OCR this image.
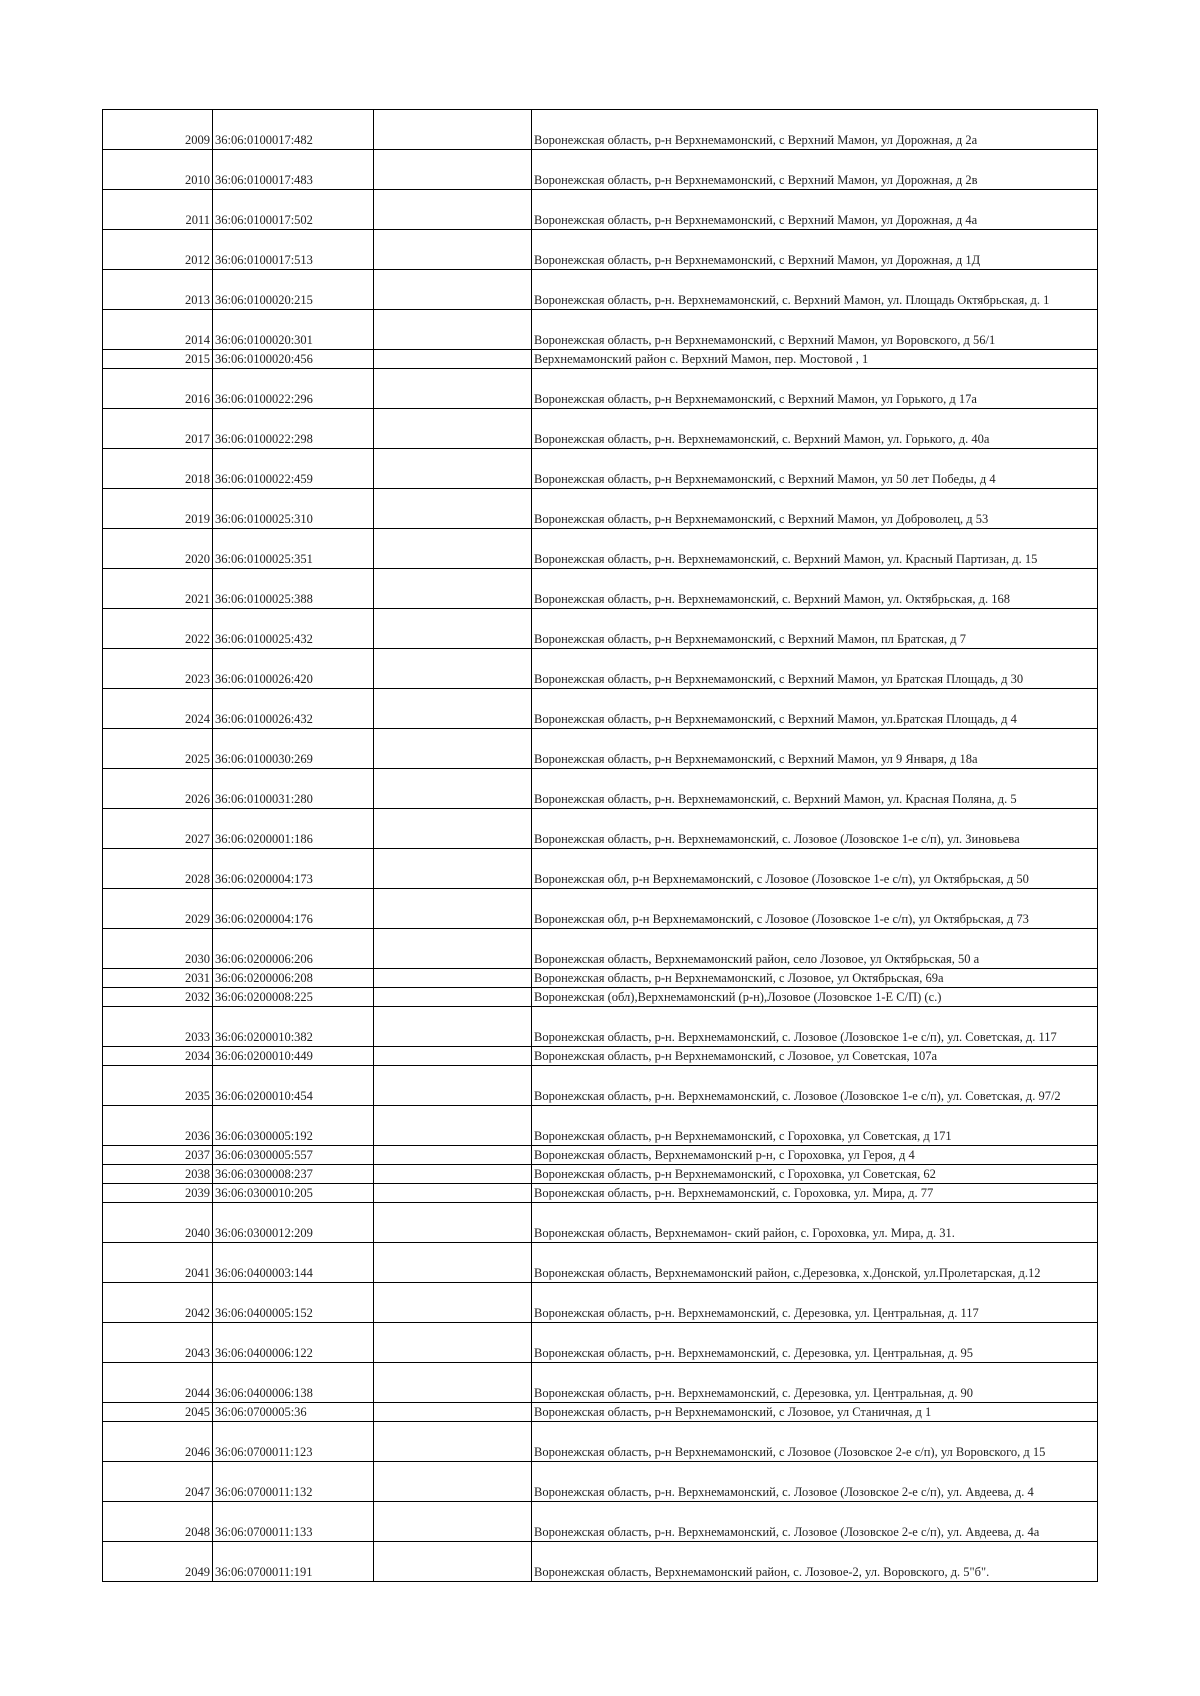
2009	36:06:0100017:482		Воронежская область, р-н Верхнемамонский, с Верхний Мамон, ул Дорожная, д 2а
2010	36:06:0100017:483		Воронежская область, р-н Верхнемамонский, с Верхний Мамон, ул Дорожная, д 2в
2011	36:06:0100017:502		Воронежская область, р-н Верхнемамонский, с Верхний Мамон, ул Дорожная, д 4а
2012	36:06:0100017:513		Воронежская область, р-н Верхнемамонский, с Верхний Мамон, ул Дорожная, д 1Д
2013	36:06:0100020:215		Воронежская область, р-н. Верхнемамонский, с. Верхний Мамон, ул. Площадь Октябрьская, д. 1
2014	36:06:0100020:301		Воронежская область, р-н Верхнемамонский, с Верхний Мамон, ул Воровского, д 56/1
2015	36:06:0100020:456		Верхнемамонский район с. Верхний Мамон, пер. Мостовой , 1
2016	36:06:0100022:296		Воронежская область, р-н Верхнемамонский, с Верхний Мамон, ул Горького, д 17а
2017	36:06:0100022:298		Воронежская область, р-н. Верхнемамонский, с. Верхний Мамон, ул. Горького, д. 40а
2018	36:06:0100022:459		Воронежская область, р-н Верхнемамонский, с Верхний Мамон, ул 50 лет Победы, д 4
2019	36:06:0100025:310		Воронежская область, р-н Верхнемамонский, с Верхний Мамон, ул Доброволец, д 53
2020	36:06:0100025:351		Воронежская область, р-н. Верхнемамонский, с. Верхний Мамон, ул. Красный Партизан, д. 15
2021	36:06:0100025:388		Воронежская область, р-н. Верхнемамонский, с. Верхний Мамон, ул. Октябрьская, д. 168
2022	36:06:0100025:432		Воронежская область, р-н Верхнемамонский, с Верхний Мамон, пл Братская, д 7
2023	36:06:0100026:420		Воронежская область, р-н Верхнемамонский, с Верхний Мамон, ул Братская Площадь, д 30
2024	36:06:0100026:432		Воронежская область, р-н Верхнемамонский, с Верхний Мамон, ул.Братская Площадь, д 4
2025	36:06:0100030:269		Воронежская область, р-н Верхнемамонский, с Верхний Мамон, ул 9 Января, д 18а
2026	36:06:0100031:280		Воронежская область, р-н. Верхнемамонский, с. Верхний Мамон, ул. Красная Поляна, д. 5
2027	36:06:0200001:186		Воронежская область, р-н. Верхнемамонский, с. Лозовое (Лозовское 1-е с/п), ул. Зиновьева
2028	36:06:0200004:173		Воронежская обл, р-н Верхнемамонский, с Лозовое (Лозовское 1-е с/п), ул Октябрьская, д 50
2029	36:06:0200004:176		Воронежская обл, р-н Верхнемамонский, с Лозовое (Лозовское 1-е с/п), ул Октябрьская, д 73
2030	36:06:0200006:206		Воронежская область, Верхнемамонский район, село Лозовое, ул Октябрьская, 50 а
2031	36:06:0200006:208		Воронежская область, р-н Верхнемамонский, с Лозовое, ул Октябрьская, 69а
2032	36:06:0200008:225		Воронежская (обл),Верхнемамонский (р-н),Лозовое (Лозовское 1-Е С/П) (с.)
2033	36:06:0200010:382		Воронежская область, р-н. Верхнемамонский, с. Лозовое (Лозовское 1-е с/п), ул. Советская, д. 117
2034	36:06:0200010:449		Воронежская область, р-н Верхнемамонский, с Лозовое, ул Советская, 107а
2035	36:06:0200010:454		Воронежская область, р-н. Верхнемамонский, с. Лозовое (Лозовское 1-е с/п), ул. Советская, д. 97/2
2036	36:06:0300005:192		Воронежская область, р-н Верхнемамонский, с Гороховка, ул Советская, д 171
2037	36:06:0300005:557		Воронежская область, Верхнемамонский р-н, с Гороховка, ул Героя, д 4
2038	36:06:0300008:237		Воронежская область, р-н Верхнемамонский, с Гороховка, ул Советская, 62
2039	36:06:0300010:205		Воронежская область, р-н. Верхнемамонский, с. Гороховка, ул. Мира, д. 77
2040	36:06:0300012:209		Воронежская область, Верхнемамон- ский район, с. Гороховка, ул. Мира, д. 31.
2041	36:06:0400003:144		Воронежская область, Верхнемамонский район, с.Дерезовка, х.Донской, ул.Пролетарская, д.12
2042	36:06:0400005:152		Воронежская область, р-н. Верхнемамонский, с. Дерезовка, ул. Центральная, д. 117
2043	36:06:0400006:122		Воронежская область, р-н. Верхнемамонский, с. Дерезовка, ул. Центральная, д. 95
2044	36:06:0400006:138		Воронежская область, р-н. Верхнемамонский, с. Дерезовка, ул. Центральная, д. 90
2045	36:06:0700005:36		Воронежская область, р-н Верхнемамонский, с Лозовое, ул Станичная, д 1
2046	36:06:0700011:123		Воронежская область, р-н Верхнемамонский, с Лозовое (Лозовское 2-е с/п), ул Воровского, д 15
2047	36:06:0700011:132		Воронежская область, р-н. Верхнемамонский, с. Лозовое (Лозовское 2-е с/п), ул. Авдеева, д. 4
2048	36:06:0700011:133		Воронежская область, р-н. Верхнемамонский, с. Лозовое (Лозовское 2-е с/п), ул. Авдеева, д. 4а
2049	36:06:0700011:191		Воронежская область, Верхнемамонский район, с. Лозовое-2, ул. Воровского, д. 5"б".
